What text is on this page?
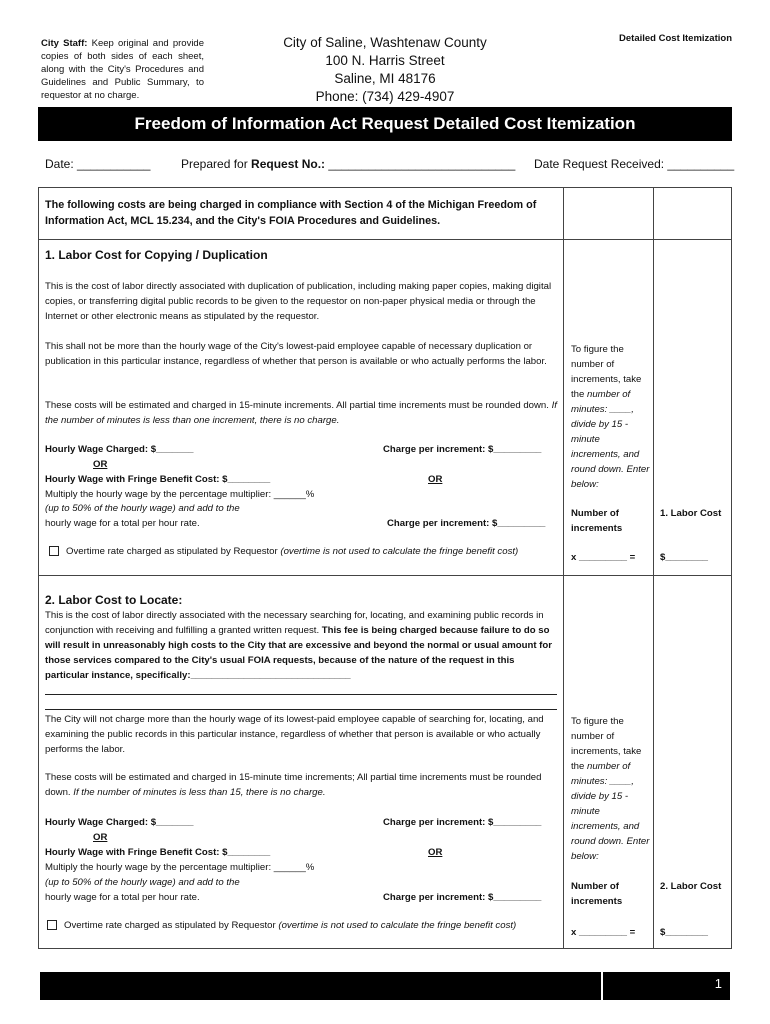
City Staff: Keep original and provide copies of both sides of each sheet, along with the City's Procedures and Guidelines and Public Summary, to requestor at no charge.
City of Saline, Washtenaw County
100 N. Harris Street
Saline, MI 48176
Phone: (734) 429-4907
Detailed Cost Itemization
Freedom of Information Act Request Detailed Cost Itemization
Date: ___________	Prepared for Request No.: ____________________________ Date Request Received: __________
The following costs are being charged in compliance with Section 4 of the Michigan Freedom of Information Act, MCL 15.234, and the City's FOIA Procedures and Guidelines.
1. Labor Cost for Copying / Duplication
This is the cost of labor directly associated with duplication of publication, including making paper copies, making digital copies, or transferring digital public records to be given to the requestor on non-paper physical media or through the Internet or other electronic means as stipulated by the requestor.
This shall not be more than the hourly wage of the City's lowest-paid employee capable of necessary duplication or publication in this particular instance, regardless of whether that person is available or who actually performs the labor.
These costs will be estimated and charged in 15-minute increments. All partial time increments must be rounded down. If the number of minutes is less than one increment, there is no charge.
Hourly Wage Charged: $_______
OR
Hourly Wage with Fringe Benefit Cost: $________
Multiply the hourly wage by the percentage multiplier: ______%
(up to 50% of the hourly wage) and add to the
hourly wage for a total per hour rate.
Charge per increment: $_________
OR
Charge per increment: $_________
Overtime rate charged as stipulated by Requestor (overtime is not used to calculate the fringe benefit cost)
To figure the number of increments, take the number of minutes: ____, divide by 15 -minute increments, and round down. Enter below:
Number of increments
x _________ =
1. Labor Cost
$________
2. Labor Cost to Locate:
This is the cost of labor directly associated with the necessary searching for, locating, and examining public records in conjunction with receiving and fulfilling a granted written request. This fee is being charged because failure to do so will result in unreasonably high costs to the City that are excessive and beyond the normal or usual amount for those services compared to the City's usual FOIA requests, because of the nature of the request in this particular instance, specifically:______________________________
The City will not charge more than the hourly wage of its lowest-paid employee capable of searching for, locating, and examining the public records in this particular instance, regardless of whether that person is available or who actually performs the labor.
These costs will be estimated and charged in 15-minute time increments; All partial time increments must be rounded down. If the number of minutes is less than 15, there is no charge.
Hourly Wage Charged: $_______
OR
Hourly Wage with Fringe Benefit Cost: $________
Multiply the hourly wage by the percentage multiplier: ______%
(up to 50% of the hourly wage) and add to the
hourly wage for a total per hour rate.
Charge per increment: $_________
OR
Charge per increment: $_________
Overtime rate charged as stipulated by Requestor (overtime is not used to calculate the fringe benefit cost)
To figure the number of increments, take the number of minutes: ____, divide by 15 -minute increments, and round down. Enter below:
Number of increments
x _________ =
2. Labor Cost
$________
1
